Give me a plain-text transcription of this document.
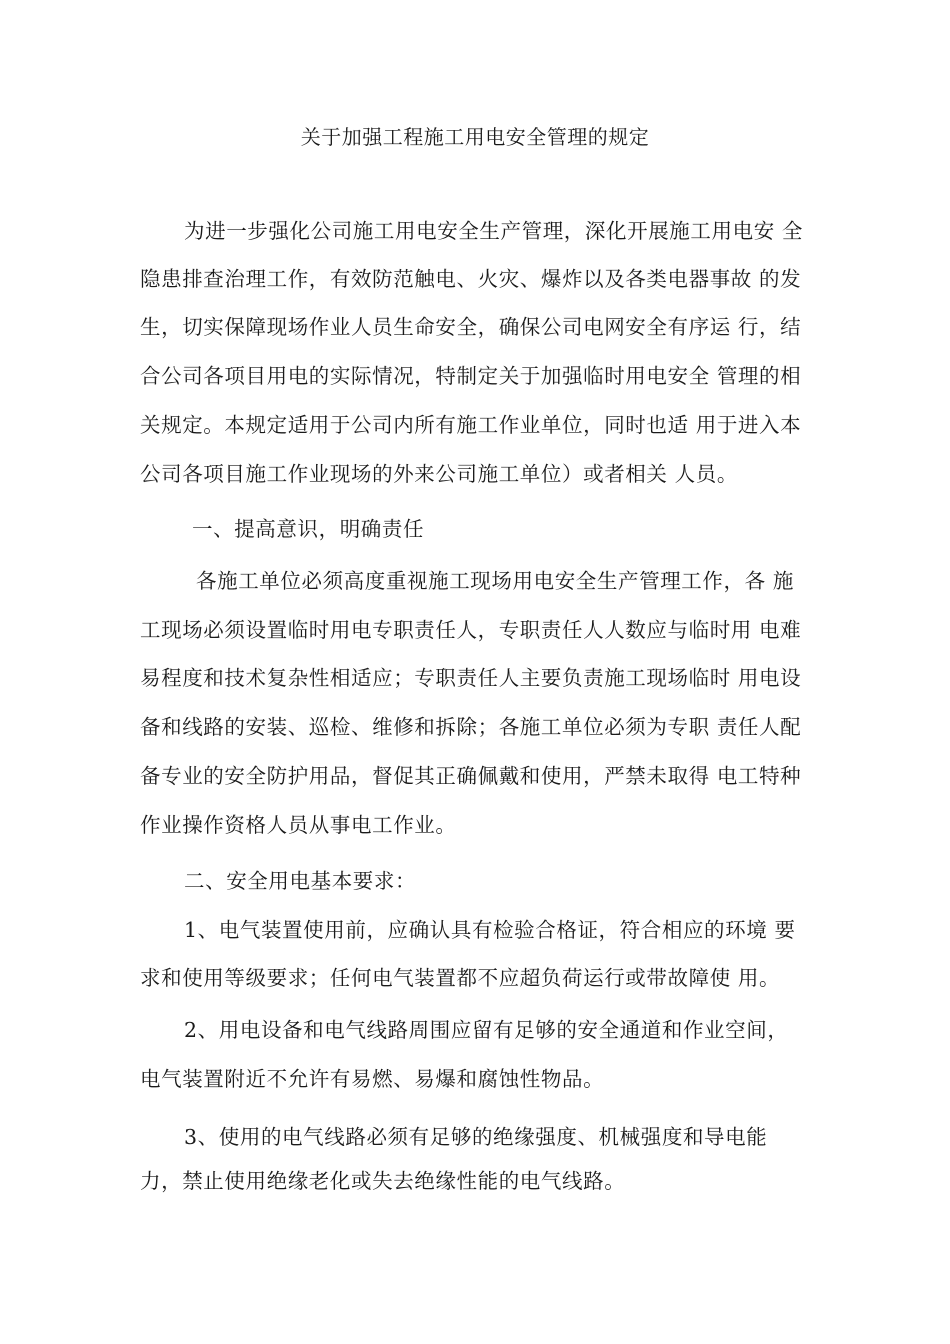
关于加强工程施工用电安全管理的规定
为进一步强化公司施工用电安全生产管理，深化开展施工用电安 全
隐患排查治理工作，有效防范触电、火灾、爆炸以及各类电器事故 的发
生，切实保障现场作业人员生命安全，确保公司电网安全有序运 行，结
合公司各项目用电的实际情况，特制定关于加强临时用电安全 管理的相
关规定。本规定适用于公司内所有施工作业单位，同时也适 用于进入本
公司各项目施工作业现场的外来公司施工单位）或者相关 人员。
一、提高意识，明确责任
各施工单位必须高度重视施工现场用电安全生产管理工作，各 施
工现场必须设置临时用电专职责任人，专职责任人人数应与临时用 电难
易程度和技术复杂性相适应；专职责任人主要负责施工现场临时 用电设
备和线路的安装、巡检、维修和拆除；各施工单位必须为专职 责任人配
备专业的安全防护用品，督促其正确佩戴和使用，严禁未取得 电工特种
作业操作资格人员从事电工作业。
二、安全用电基本要求：
1、电气装置使用前，应确认具有检验合格证，符合相应的环境 要
求和使用等级要求；任何电气装置都不应超负荷运行或带故障使 用。
2、用电设备和电气线路周围应留有足够的安全通道和作业空间，
电气装置附近不允许有易燃、易爆和腐蚀性物品。
3、使用的电气线路必须有足够的绝缘强度、机械强度和导电能
力，禁止使用绝缘老化或失去绝缘性能的电气线路。
